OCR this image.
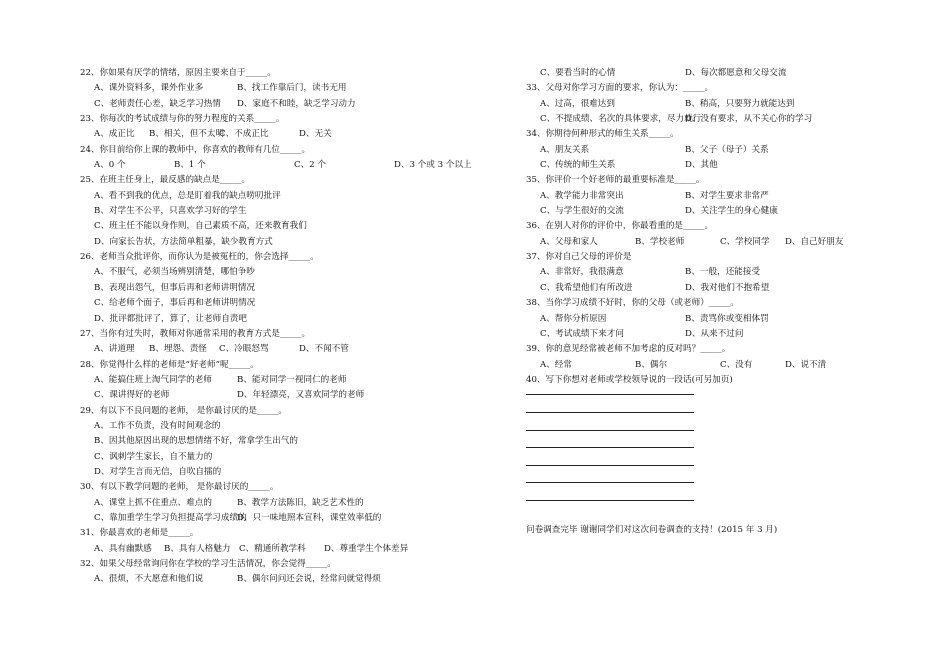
22、你如果有厌学的情绪，原因主要来自于_____。
A、课外资料多，课外作业多	B、找工作靠后门，读书无用
C、老师责任心差，缺乏学习热情 D、家庭不和睦，缺乏学习动力
23、你每次的考试成绩与你的努力程度的关系_____。
A、成正比 B、相关，但不太明
C、不成正比	D、无关
24、你目前给你上课的教师中，你喜欢的教师有几位_____。
A、0 个	B、1 个	C、2 个	D、3 个或 3 个以上
25、在班主任身上，最反感的缺点是_____。
A、看不到我的优点，总是盯着我的缺点唠叨批评
B、对学生不公平，只喜欢学习好的学生
C、班主任不能以身作则，自己素质不高，还来教育我们
D、向家长告状，方法简单粗暴，缺少教育方式
26、老师当众批评你，而你认为是被冤枉的，你会选择_____。
A、不服气，必须当场辨别清楚，哪怕争吵
B、表现出怨气，但事后再和老师讲明情况
C、给老师个面子，事后再和老师讲明情况
D、批评都批评了，算了，让老师自责吧
27、当你有过失时，教师对你通常采用的教育方式是_____。
A、讲道理 B、埋怨、责怪 C、冷眼怒骂	D、不闻不管
28、你觉得什么样的老师是“好老师”呢_____。
A、能搞住班上淘气同学的老师	B、能对同学一视同仁的老师
C、课讲得好的老师	D、年轻漂亮，又喜欢同学的老师
29、有以下不良问题的老师， 是你最讨厌的是_____。
A、工作不负责，没有时间观念的
B、因其他原因出现的思想情绪不好，常拿学生出气的
C、讽刺学生家长，自不量力的
D、对学生言而无信，自吹自擂的
30、有以下教学问题的老师， 是你最讨厌的_____。
A、课堂上抓不住重点、难点的	B、教学方法陈旧，缺乏艺术性的
C、靠加重学生学习负担提高学习成绩的
D、只一味地照本宣科，课堂效率低的
31、你最喜欢的老师是_____。
A、具有幽默感 B、具有人格魅力 C、精通所教学科 D、尊重学生个体差异
32、如果父母经常询问你在学校的学习生活情况，你会觉得_____。
A、很烦，不大愿意和他们说	B、偶尔问问还会说，经常问就觉得烦
C、要看当时的心情	D、每次都愿意和父母交流
33、父母对你学习方面的要求，你认为：_____。
A、过高，很难达到	B、稍高，只要努力就能达到
C、不提成绩、名次的具体要求，尽力就行
D、没有要求，从不关心你的学习
34、你期待何种形式的师生关系_____。
A、朋友关系	B、父子（母子）关系
C、传统的师生关系	D、其他
35、你评价一个好老师的最重要标准是_____。
A、教学能力非常突出	B、对学生要求非常严
C、与学生很好的交流	D、关注学生的身心健康
36、在别人对你的评价中，你最看重的是_____。
A、父母和家人	B、学校老师	C、学校同学 D、自己好朋友
37、你对自己父母的评价是
A、非常好，我很满意	B、一般，还能接受
C、我希望他们有所改进	D、我对他们不抱希望
38、当你学习成绩不好时，你的父母（或老师）_____。
A、帮你分析原因	B、责骂你或变相体罚
C、考试成绩下来才问	D、从来不过问
39、你的意见经常被老师不加考虑的反对吗？_____。
A、经常	B、偶尔	C、没有	D、说不清
40、写下你想对老师或学校领导说的一段话(可另加页)
问卷调查完毕 谢谢同学们对这次问卷调查的支持！(2015 年 3 月)
